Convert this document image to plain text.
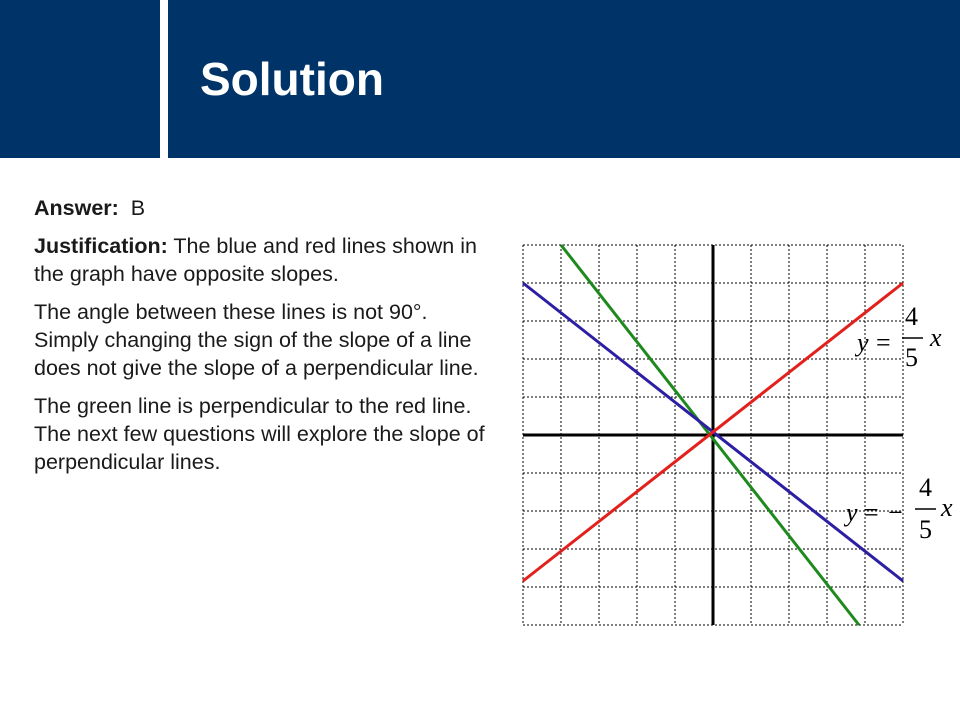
Solution

Answer: B

Justification: The blue and red lines shown in the graph have opposite slopes.

The angle between these lines is not 90°. Simply changing the sign of the slope of a line does not give the slope of a perpendicular line.

The green line is perpendicular to the red line. The next few questions will explore the slope of perpendicular lines.

y =
4
5
x
y = −
4
5
x
